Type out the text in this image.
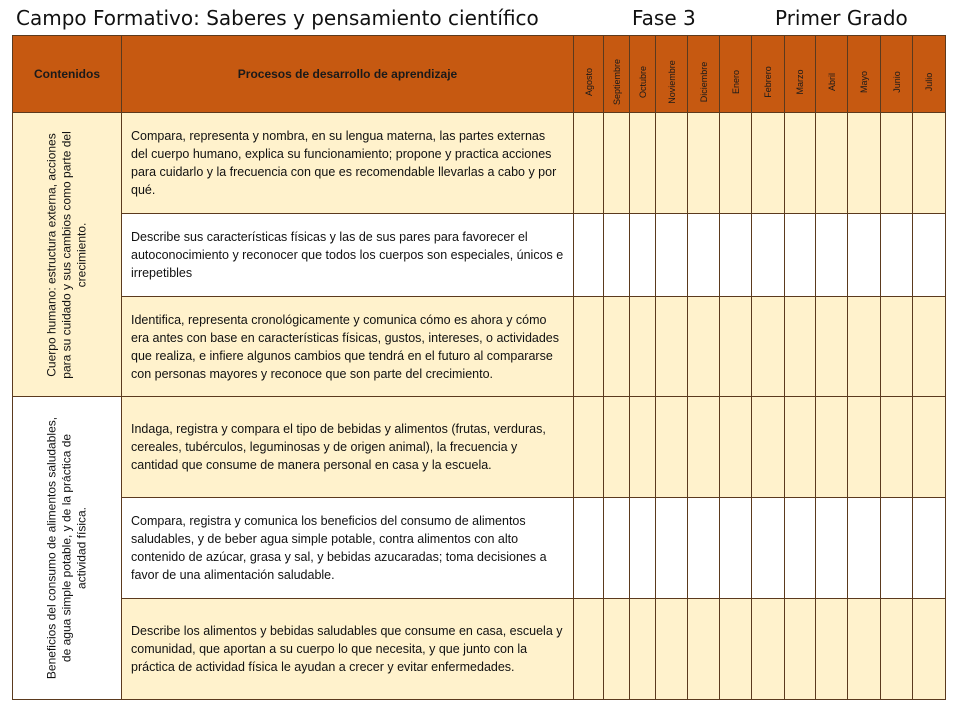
Campo Formativo: Saberes y pensamiento científico	Fase 3	Primer Grado
Contenidos	Procesos de desarrollo de aprendizaje	Agosto	Septiembre	Octubre	Noviembre	Diciembre	Enero	Febrero	Marzo	Abril	Mayo	Junio	Julio

Cuerpo humano: estructura externa, acciones para su cuidado y sus cambios como parte del crecimiento.	Compara, representa y nombra, en su lengua materna, las partes externas del cuerpo humano, explica su funcionamiento; propone y practica acciones para cuidarlo y la frecuencia con que es recomendable llevarlas a cabo y por qué.												
	Describe sus características físicas y las de sus pares para favorecer el autoconocimiento y reconocer que todos los cuerpos son especiales, únicos e irrepetibles												
	Identifica, representa cronológicamente y comunica cómo es ahora y cómo era antes con base en características físicas, gustos, intereses, o actividades que realiza, e infiere algunos cambios que tendrá en el futuro al compararse con personas mayores y reconoce que son parte del crecimiento.												

Beneficios del consumo de alimentos saludables, de agua simple potable, y de la práctica de actividad física.	Indaga, registra y compara el tipo de bebidas y alimentos (frutas, verduras, cereales, tubérculos, leguminosas y de origen animal), la frecuencia y cantidad que consume de manera personal en casa y la escuela.												
	Compara, registra y comunica los beneficios del consumo de alimentos saludables, y de beber agua simple potable, contra alimentos con alto contenido de azúcar, grasa y sal, y bebidas azucaradas; toma decisiones a favor de una alimentación saludable.												
	Describe los alimentos y bebidas saludables que consume en casa, escuela y comunidad, que aportan a su cuerpo lo que necesita, y que junto con la práctica de actividad física le ayudan a crecer y evitar enfermedades.												
